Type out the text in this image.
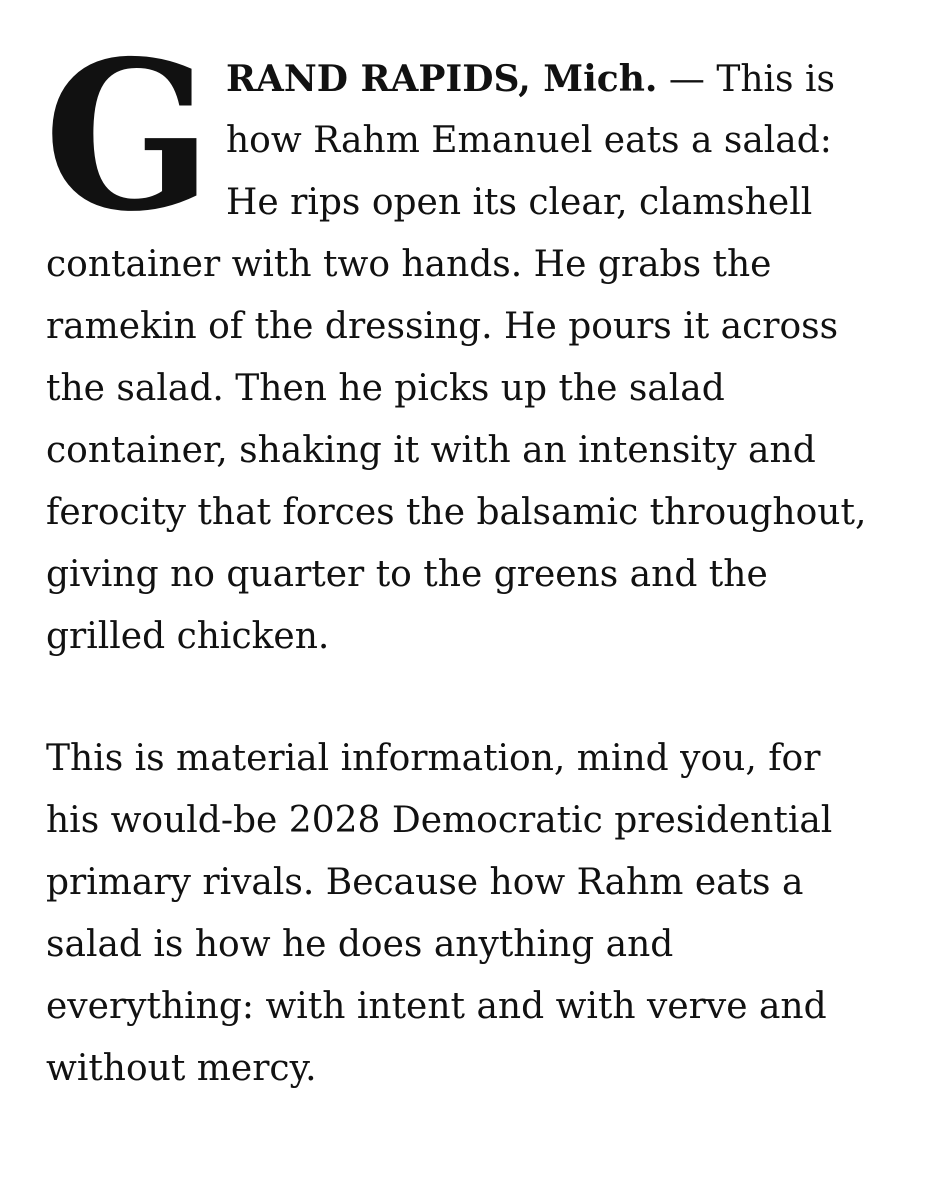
G RAND RAPIDS, Mich. — This is
how Rahm Emanuel eats a salad:
He rips open its clear, clamshell
container with two hands. He grabs the
ramekin of the dressing. He pours it across
the salad. Then he picks up the salad
container, shaking it with an intensity and
ferocity that forces the balsamic throughout,
giving no quarter to the greens and the
grilled chicken.
This is material information, mind you, for
his would-be 2028 Democratic presidential
primary rivals. Because how Rahm eats a
salad is how he does anything and
everything: with intent and with verve and
without mercy.
